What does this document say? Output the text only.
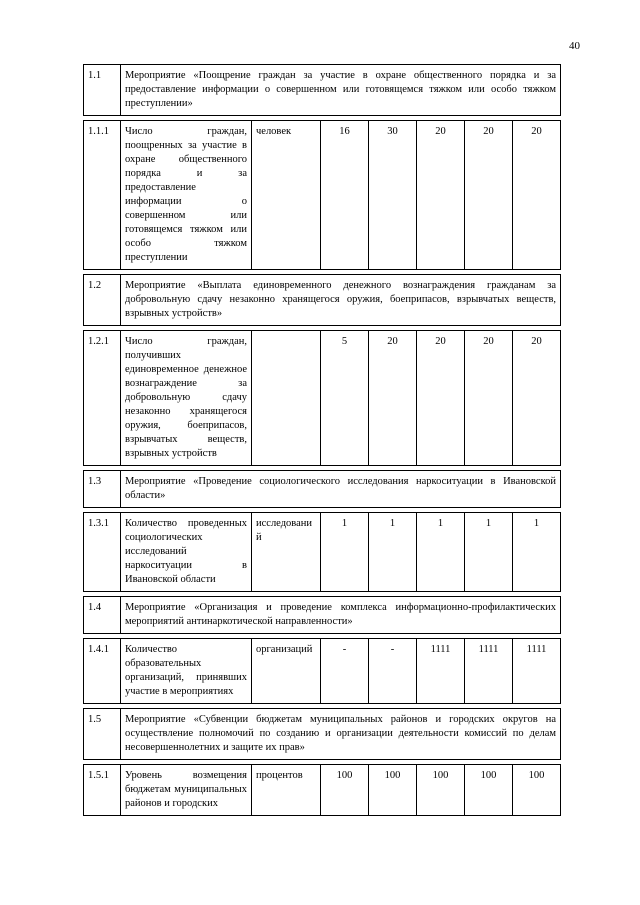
40
1.1	Мероприятие «Поощрение граждан за участие в охране общественного порядка и за предоставление информации о совершенном или готовящемся тяжком или особо тяжком преступлении»						

1.1.1	Число граждан, поощренных за участие в охране общественного порядка и за предоставление информации о совершенном или готовящемся тяжком или особо тяжком преступлении	человек	16	30	20	20	20

1.2	Мероприятие «Выплата единовременного денежного вознаграждения гражданам за добровольную сдачу незаконно хранящегося оружия, боеприпасов, взрывчатых веществ, взрывных устройств»						

1.2.1	Число граждан, получивших единовременное денежное вознаграждение за добровольную сдачу незаконно хранящегося оружия, боеприпасов, взрывчатых веществ, взрывных устройств		5	20	20	20	20

1.3	Мероприятие «Проведение социологического исследования наркоситуации в Ивановской области»						

1.3.1	Количество проведенных социологических исследований наркоситуации в Ивановской области	исследовани й	1	1	1	1	1

1.4	Мероприятие «Организация и проведение комплекса информационно-профилактических мероприятий антинаркотической направленности»						

1.4.1	Количество образовательных организаций, принявших участие в мероприятиях	организаций	-	-	1111	1111	1111

1.5	Мероприятие «Субвенции бюджетам муниципальных районов и городских округов на осуществление полномочий по созданию и организации деятельности комиссий по делам несовершеннолетних и защите их прав»						

1.5.1	Уровень возмещения бюджетам муниципальных районов и городских	процентов	100	100	100	100	100
